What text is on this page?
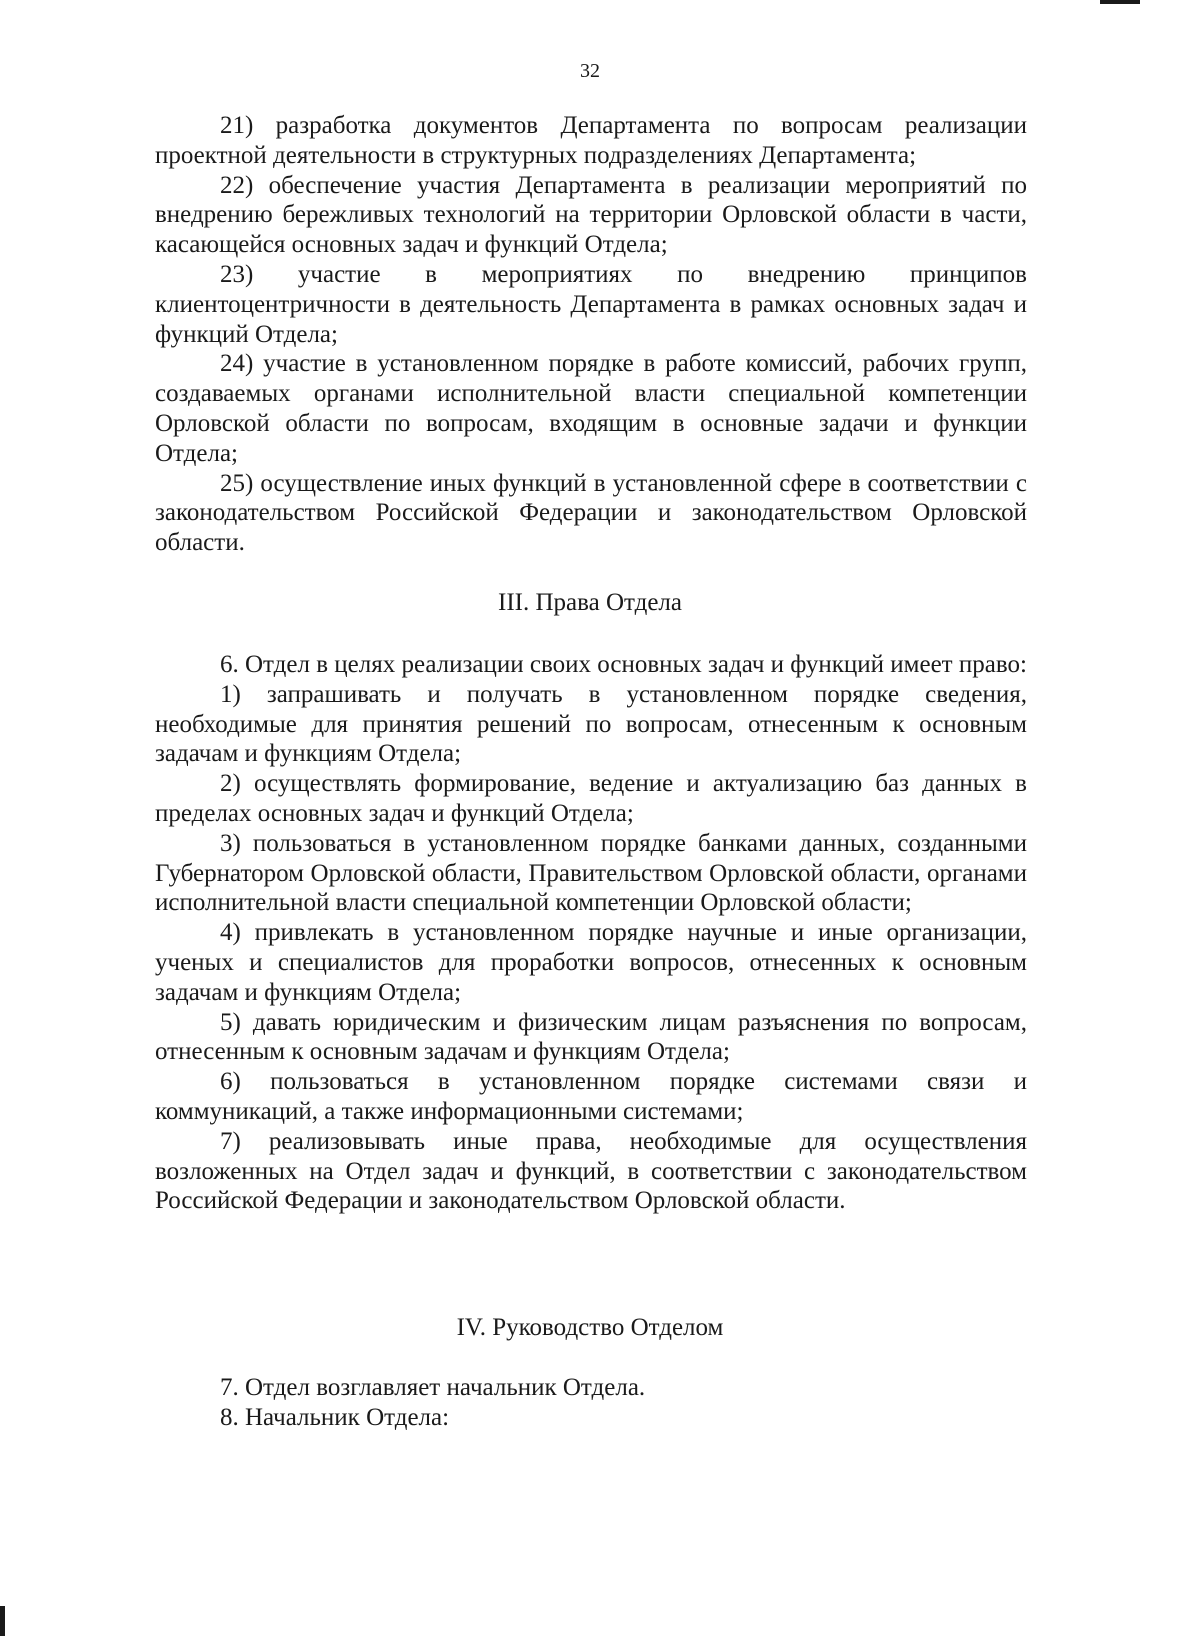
32

21) разработка документов Департамента по вопросам реализации проектной деятельности в структурных подразделениях Департамента;

22) обеспечение участия Департамента в реализации мероприятий по внедрению бережливых технологий на территории Орловской области в части, касающейся основных задач и функций Отдела;

23) участие в мероприятиях по внедрению принципов клиентоцентричности в деятельность Департамента в рамках основных задач и функций Отдела;

24) участие в установленном порядке в работе комиссий, рабочих групп, создаваемых органами исполнительной власти специальной компетенции Орловской области по вопросам, входящим в основные задачи и функции Отдела;

25) осуществление иных функций в установленной сфере в соответствии с законодательством Российской Федерации и законодательством Орловской области.

III. Права Отдела

6. Отдел в целях реализации своих основных задач и функций имеет право:

1) запрашивать и получать в установленном порядке сведения, необходимые для принятия решений по вопросам, отнесенным к основным задачам и функциям Отдела;

2) осуществлять формирование, ведение и актуализацию баз данных в пределах основных задач и функций Отдела;

3) пользоваться в установленном порядке банками данных, созданными Губернатором Орловской области, Правительством Орловской области, органами исполнительной власти специальной компетенции Орловской области;

4) привлекать в установленном порядке научные и иные организации, ученых и специалистов для проработки вопросов, отнесенных к основным задачам и функциям Отдела;

5) давать юридическим и физическим лицам разъяснения по вопросам, отнесенным к основным задачам и функциям Отдела;

6) пользоваться в установленном порядке системами связи и коммуникаций, а также информационными системами;

7) реализовывать иные права, необходимые для осуществления возложенных на Отдел задач и функций, в соответствии с законодательством Российской Федерации и законодательством Орловской области.

IV. Руководство Отделом

7. Отдел возглавляет начальник Отдела.

8. Начальник Отдела:
